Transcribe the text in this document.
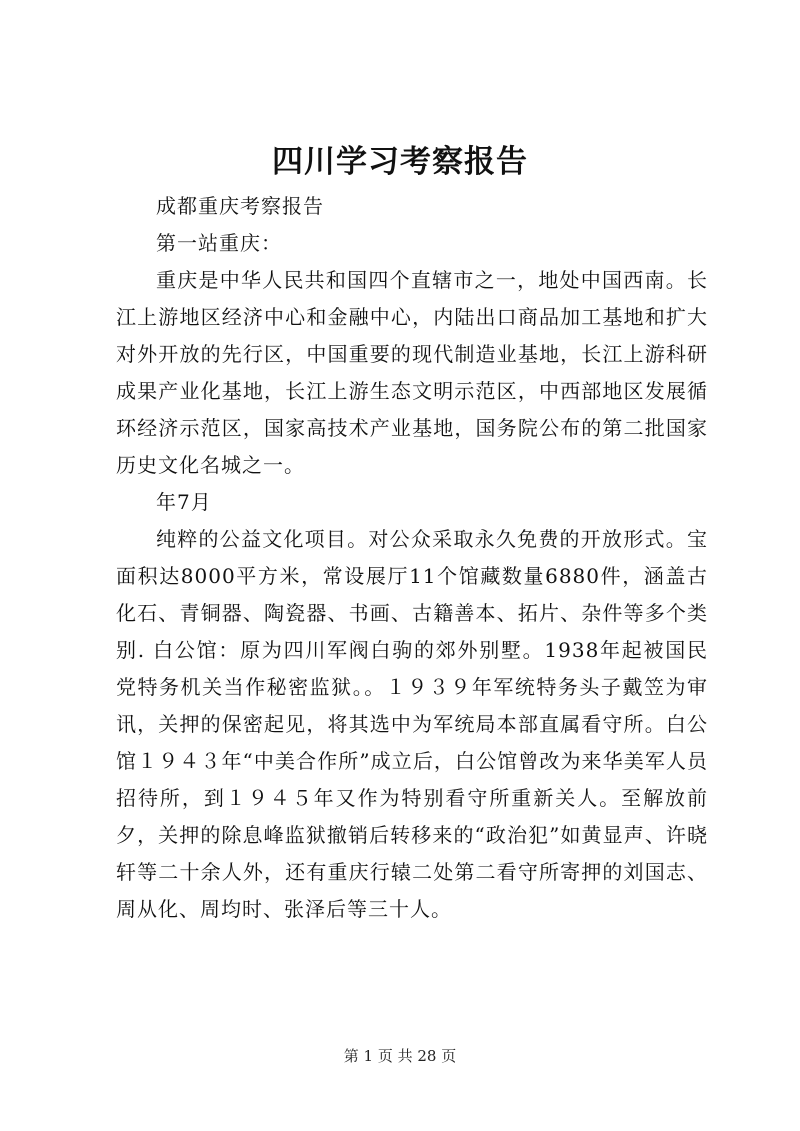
四川学习考察报告

成都重庆考察报告

第一站重庆：

重庆是中华人民共和国四个直辖市之一，地处中国西南。长江上游地区经济中心和金融中心，内陆出口商品加工基地和扩大对外开放的先行区，中国重要的现代制造业基地，长江上游科研成果产业化基地，长江上游生态文明示范区，中西部地区发展循环经济示范区，国家高技术产业基地，国务院公布的第二批国家历史文化名城之一。

年7月

纯粹的公益文化项目。对公众采取永久免费的开放形式。宝面积达8000平方米，常设展厅11个馆藏数量6880件，涵盖古化石、青铜器、陶瓷器、书画、古籍善本、拓片、杂件等多个类别. 白公馆：原为四川军阀白驹的郊外别墅。1938年起被国民党特务机关当作秘密监狱。。１９３９年军统特务头子戴笠为审讯，关押的保密起见，将其选中为军统局本部直属看守所。白公馆１９４３年“中美合作所”成立后，白公馆曾改为来华美军人员招待所，到１９４５年又作为特别看守所重新关人。至解放前夕，关押的除息峰监狱撤销后转移来的“政治犯”如黄显声、许晓轩等二十余人外，还有重庆行辕二处第二看守所寄押的刘国志、周从化、周均时、张泽后等三十人。

第 1 页 共 28 页
